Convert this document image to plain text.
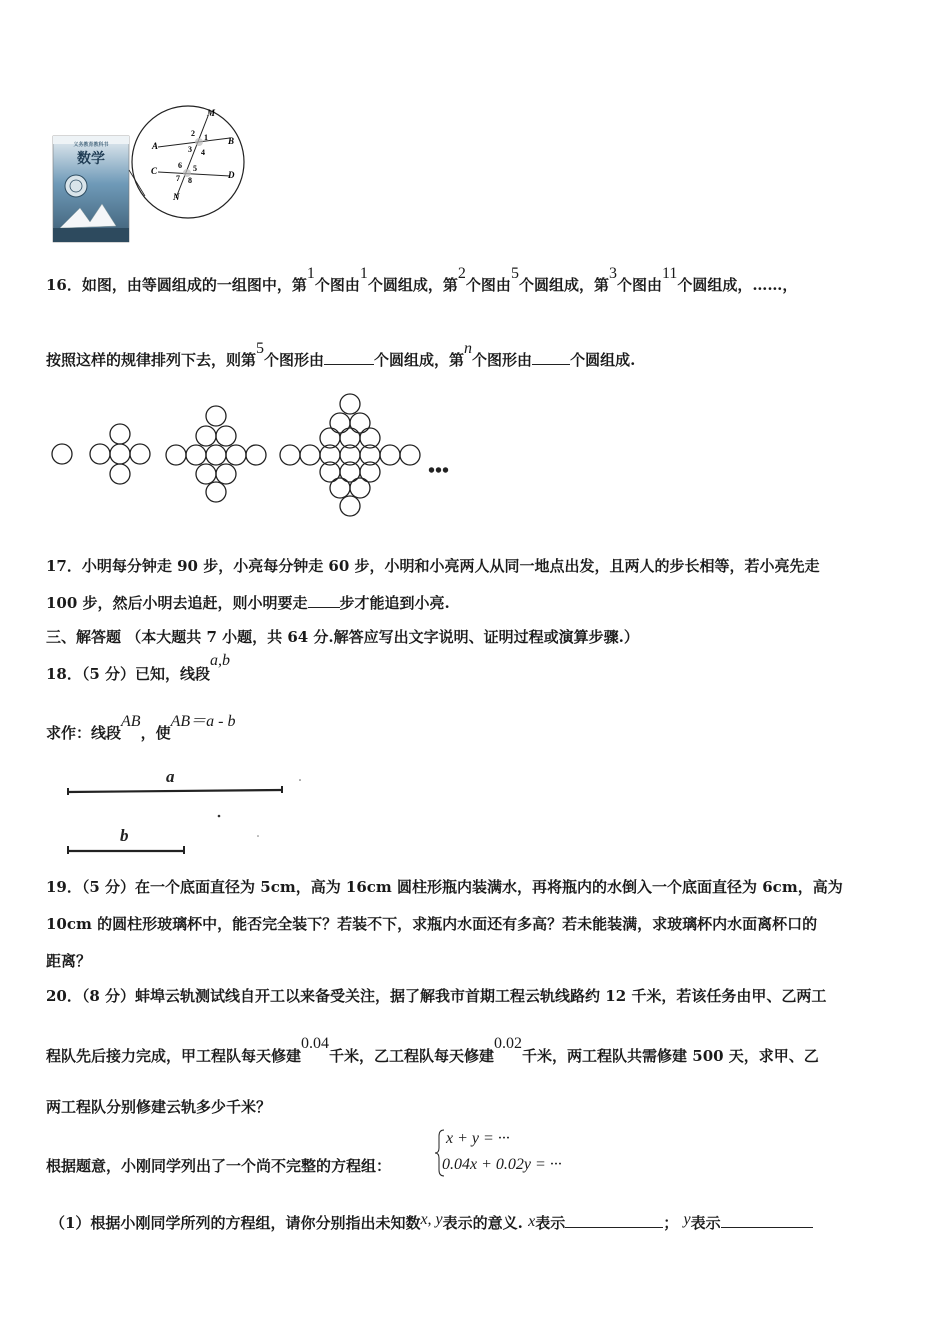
数学
义务教育教科书
M
A	B
C	D
N
2 1
3 4
6 5
7 8
16．如图，由等圆组成的一组图中，第1个图由1个圆组成，第2个图由5个圆组成，第3个图由11个圆组成，……，
按照这样的规律排列下去，则第5个图形由	个圆组成，第n个图形由	个圆组成.
•••
17．小明每分钟走 90 步，小亮每分钟走 60 步，小明和小亮两人从同一地点出发，且两人的步长相等，若小亮先走
100 步，然后小明去追赶，则小明要走 步才能追到小亮.
三、解答题 （本大题共 7 小题，共 64 分.解答应写出文字说明、证明过程或演算步骤.）
18．（5 分）已知，线段a,b
求作：线段AB，使AB＝a - b
a
b
19．（5 分）在一个底面直径为 5cm，高为 16cm 圆柱形瓶内装满水，再将瓶内的水倒入一个底面直径为 6cm，高为
10cm 的圆柱形玻璃杯中，能否完全装下？若装不下，求瓶内水面还有多高？若未能装满，求玻璃杯内水面离杯口的
距离？
20．（8 分）蚌埠云轨测试线自开工以来备受关注，据了解我市首期工程云轨线路约 12 千米，若该任务由甲、乙两工
程队先后接力完成，甲工程队每天修建0.04千米，乙工程队每天修建0.02千米，两工程队共需修建 500 天，求甲、乙
两工程队分别修建云轨多少千米？
根据题意，小刚同学列出了一个尚不完整的方程组：
x + y = ···
0.04x + 0.02y = ···
（1）根据小刚同学所列的方程组，请你分别指出未知数x, y表示的意义. x表示	； y表示
